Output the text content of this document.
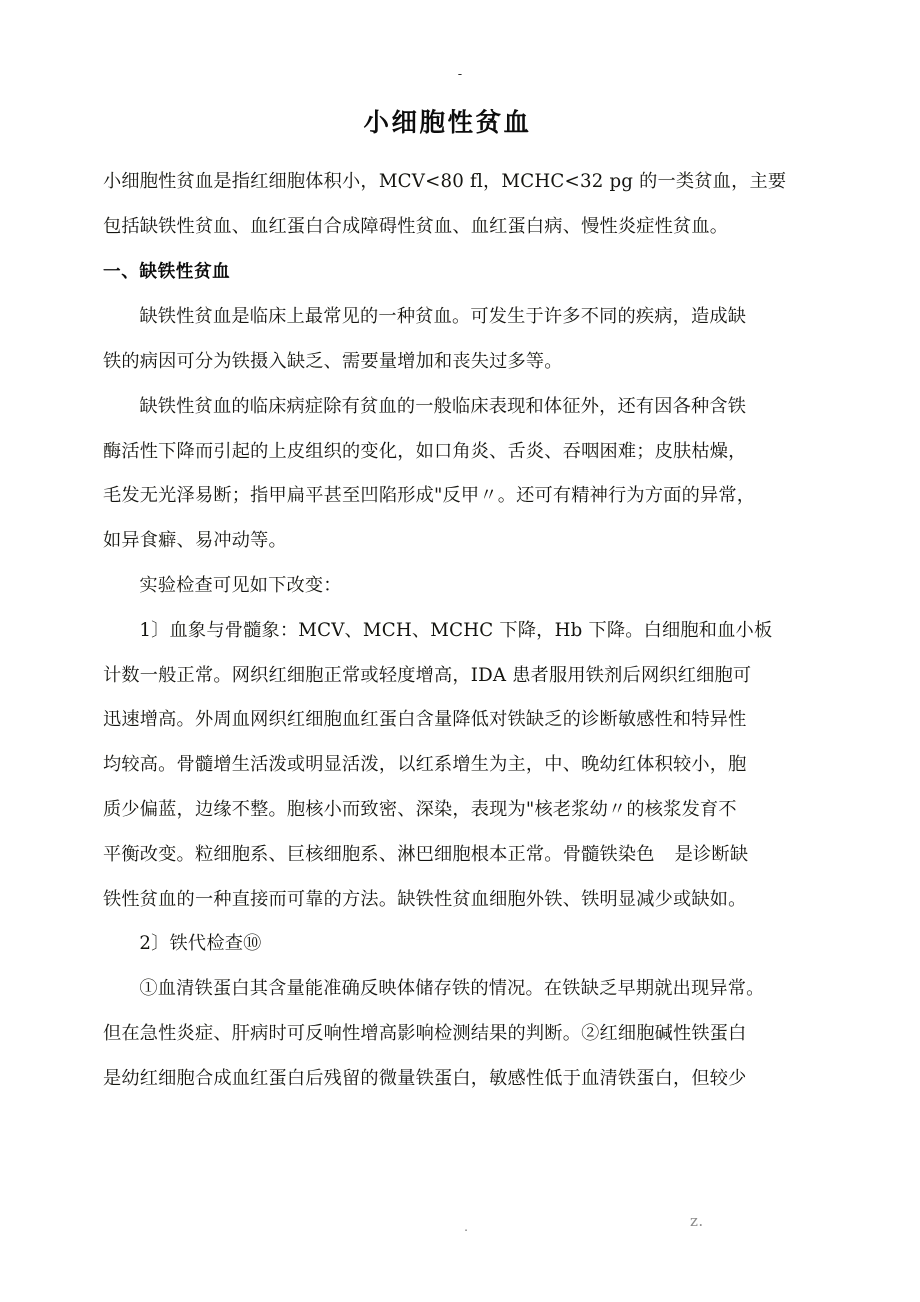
-
小细胞性贫血

小细胞性贫血是指红细胞体积小，MCV<80 fl，MCHC<32 pg 的一类贫血，主要

包括缺铁性贫血、血红蛋白合成障碍性贫血、血红蛋白病、慢性炎症性贫血。

一、缺铁性贫血

缺铁性贫血是临床上最常见的一种贫血。可发生于许多不同的疾病，造成缺

铁的病因可分为铁摄入缺乏、需要量增加和丧失过多等。

缺铁性贫血的临床病症除有贫血的一般临床表现和体征外，还有因各种含铁

酶活性下降而引起的上皮组织的变化，如口角炎、舌炎、吞咽困难；皮肤枯燥，

毛发无光泽易断；指甲扁平甚至凹陷形成"反甲〃。还可有精神行为方面的异常，

如异食癖、易冲动等。

实验检查可见如下改变：

1〕血象与骨髓象：MCV、MCH、MCHC 下降，Hb 下降。白细胞和血小板

计数一般正常。网织红细胞正常或轻度增高，IDA 患者服用铁剂后网织红细胞可

迅速增高。外周血网织红细胞血红蛋白含量降低对铁缺乏的诊断敏感性和特异性

均较高。骨髓增生活泼或明显活泼，以红系增生为主，中、晚幼红体积较小，胞

质少偏蓝，边缘不整。胞核小而致密、深染，表现为"核老浆幼〃的核浆发育不

平衡改变。粒细胞系、巨核细胞系、淋巴细胞根本正常。骨髓铁染色 是诊断缺

铁性贫血的一种直接而可靠的方法。缺铁性贫血细胞外铁、铁明显减少或缺如。

2〕铁代检查⑩

①血清铁蛋白其含量能准确反映体储存铁的情况。在铁缺乏早期就出现异常。

但在急性炎症、肝病时可反响性增高影响检测结果的判断。②红细胞碱性铁蛋白

是幼红细胞合成血红蛋白后残留的微量铁蛋白，敏感性低于血清铁蛋白，但较少

.	z.
